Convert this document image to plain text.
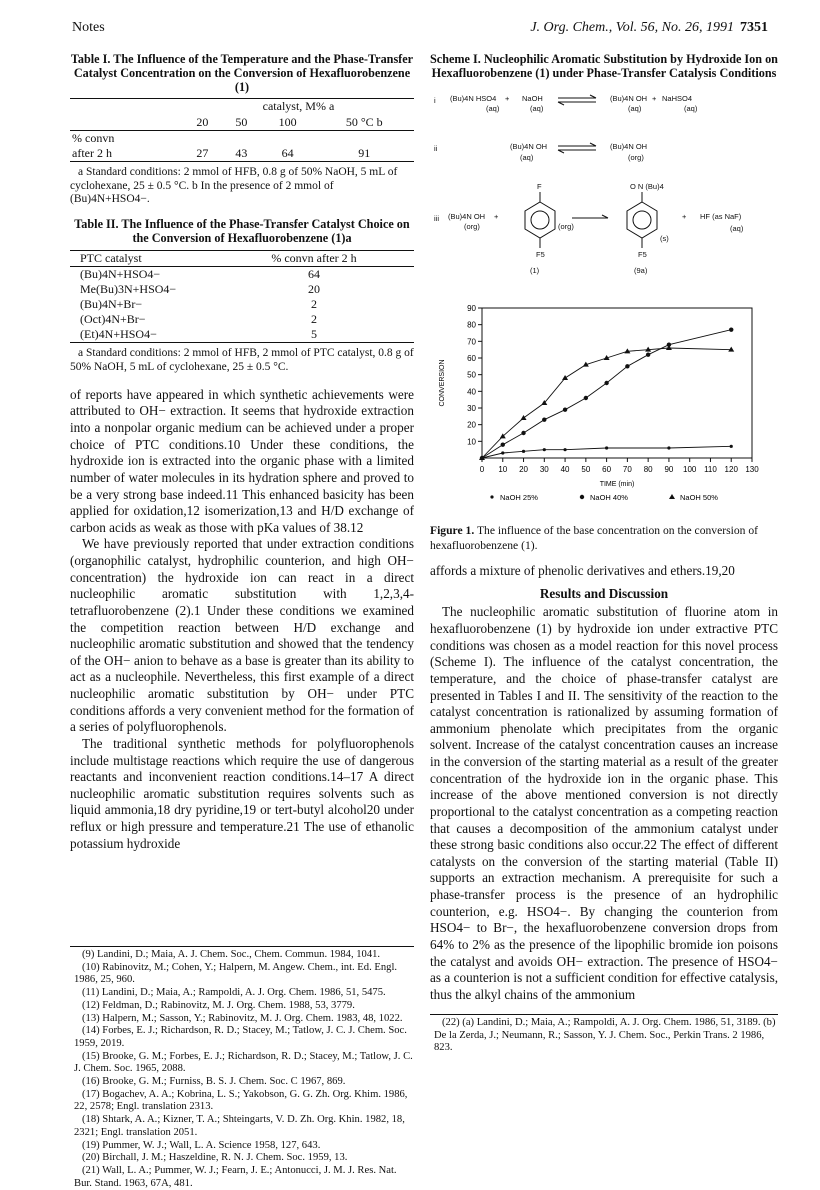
Notes	J. Org. Chem., Vol. 56, No. 26, 1991 7351
Table I. The Influence of the Temperature and the Phase-Transfer Catalyst Concentration on the Conversion of Hexafluorobenzene (1)
	catalyst, M% a			
	20	50	100	50 °C b
% convn				
after 2 h	27	43	64	91

a Standard conditions: 2 mmol of HFB, 0.8 g of 50% NaOH, 5 mL of cyclohexane, 25 ± 0.5 °C. b In the presence of 2 mmol of (Bu)4N+HSO4−.

Table II. The Influence of the Phase-Transfer Catalyst Choice on the Conversion of Hexafluorobenzene (1)a
PTC catalyst	% convn after 2 h
(Bu)4N+HSO4−	64
Me(Bu)3N+HSO4−	20
(Bu)4N+Br−	2
(Oct)4N+Br−	2
(Et)4N+HSO4−	5

a Standard conditions: 2 mmol of HFB, 2 mmol of PTC catalyst, 0.8 g of 50% NaOH, 5 mL of cyclohexane, 25 ± 0.5 °C.

of reports have appeared in which synthetic achievements were attributed to OH− extraction. It seems that hydroxide extraction into a nonpolar organic medium can be achieved under a proper choice of PTC conditions.10 Under these conditions, the hydroxide ion is extracted into the organic phase with a limited number of water molecules in its hydration sphere and proved to be a very strong base indeed.11 This enhanced basicity has been applied for oxidation,12 isomerization,13 and H/D exchange of carbon acids as weak as those with pKa values of 38.12

We have previously reported that under extraction conditions (organophilic catalyst, hydrophilic counterion, and high OH− concentration) the hydroxide ion can react in a direct nucleophilic aromatic substitution with 1,2,3,4-tetrafluorobenzene (2).1 Under these conditions we examined the competition reaction between H/D exchange and nucleophilic aromatic substitution and showed that the tendency of the OH− anion to behave as a base is greater than its ability to act as a nucleophile. Nevertheless, this first example of a direct nucleophilic aromatic substitution by OH− under PTC conditions affords a very convenient method for the formation of a series of polyfluorophenols.

The traditional synthetic methods for polyfluorophenols include multistage reactions which require the use of dangerous reactants and inconvenient reaction conditions.14–17 A direct nucleophilic aromatic substitution requires solvents such as liquid ammonia,18 dry pyridine,19 or tert-butyl alcohol20 under reflux or high pressure and temperature.21 The use of ethanolic potassium hydroxide

(9) Landini, D.; Maia, A. J. Chem. Soc., Chem. Commun. 1984, 1041.
(10) Rabinovitz, M.; Cohen, Y.; Halpern, M. Angew. Chem., int. Ed. Engl. 1986, 25, 960.
(11) Landini, D.; Maia, A.; Rampoldi, A. J. Org. Chem. 1986, 51, 5475.
(12) Feldman, D.; Rabinovitz, M. J. Org. Chem. 1988, 53, 3779.
(13) Halpern, M.; Sasson, Y.; Rabinovitz, M. J. Org. Chem. 1983, 48, 1022.
(14) Forbes, E. J.; Richardson, R. D.; Stacey, M.; Tatlow, J. C. J. Chem. Soc. 1959, 2019.
(15) Brooke, G. M.; Forbes, E. J.; Richardson, R. D.; Stacey, M.; Tatlow, J. C. J. Chem. Soc. 1965, 2088.
(16) Brooke, G. M.; Furniss, B. S. J. Chem. Soc. C 1967, 869.
(17) Bogachev, A. A.; Kobrina, L. S.; Yakobson, G. G. Zh. Org. Khim. 1986, 22, 2578; Engl. translation 2313.
(18) Shtark, A. A.; Kizner, T. A.; Shteingarts, V. D. Zh. Org. Khin. 1982, 18, 2321; Engl. translation 2051.
(19) Pummer, W. J.; Wall, L. A. Science 1958, 127, 643.
(20) Birchall, J. M.; Haszeldine, R. N. J. Chem. Soc. 1959, 13.
(21) Wall, L. A.; Pummer, W. J.; Fearn, J. E.; Antonucci, J. M. J. Res. Nat. Bur. Stand. 1963, 67A, 481.
Scheme I. Nucleophilic Aromatic Substitution by Hydroxide Ion on Hexafluorobenzene (1) under Phase-Transfer Catalysis Conditions
i (Bu)4N HSO4 + NaOH
(aq)	(aq)
(Bu)4N OH + NaHSO4
(aq)	(aq)
ii	(Bu)4N OH
(aq)
(Bu)4N OH
(org)
iii (Bu)4N OH +
(org)	(org)
F
F5
(1)
O N (Bu)4
F5
(s)
(9a)
+ HF (as NaF)
(aq)
10
20
30
40
50
60
70
80
90
0 10 20 30 40 50 60 70 80 90 100 110 120 130
TIME (min)
CONVERSION
NaOH 25%	NaOH 40%	NaOH 50%
Figure 1. The influence of the base concentration on the conversion of hexafluorobenzene (1).

affords a mixture of phenolic derivatives and ethers.19,20

Results and Discussion

The nucleophilic aromatic substitution of fluorine atom in hexafluorobenzene (1) by hydroxide ion under extractive PTC conditions was chosen as a model reaction for this novel process (Scheme I). The influence of the catalyst concentration, the temperature, and the choice of phase-transfer catalyst are presented in Tables I and II. The sensitivity of the reaction to the catalyst concentration is rationalized by assuming formation of ammonium phenolate which precipitates from the organic solvent. Increase of the catalyst concentration causes an increase in the conversion of the starting material as a result of the greater concentration of the hydroxide ion in the organic phase. This increase of the above mentioned conversion is not directly proportional to the catalyst concentration as a competing reaction that causes a decomposition of the ammonium catalyst under these strong basic conditions also occur.22 The effect of different catalysts on the conversion of the starting material (Table II) supports an extraction mechanism. A prerequisite for such a phase-transfer process is the presence of an hydrophilic counterion, e.g. HSO4−. By changing the counterion from HSO4− to Br−, the hexafluorobenzene conversion drops from 64% to 2% as the presence of the lipophilic bromide ion poisons the catalyst and avoids OH− extraction. The presence of HSO4− as a counterion is not a sufficient condition for effective catalysis, thus the alkyl chains of the ammonium

(22) (a) Landini, D.; Maia, A.; Rampoldi, A. J. Org. Chem. 1986, 51, 3189. (b) De la Zerda, J.; Neumann, R.; Sasson, Y. J. Chem. Soc., Perkin Trans. 2 1986, 823.
